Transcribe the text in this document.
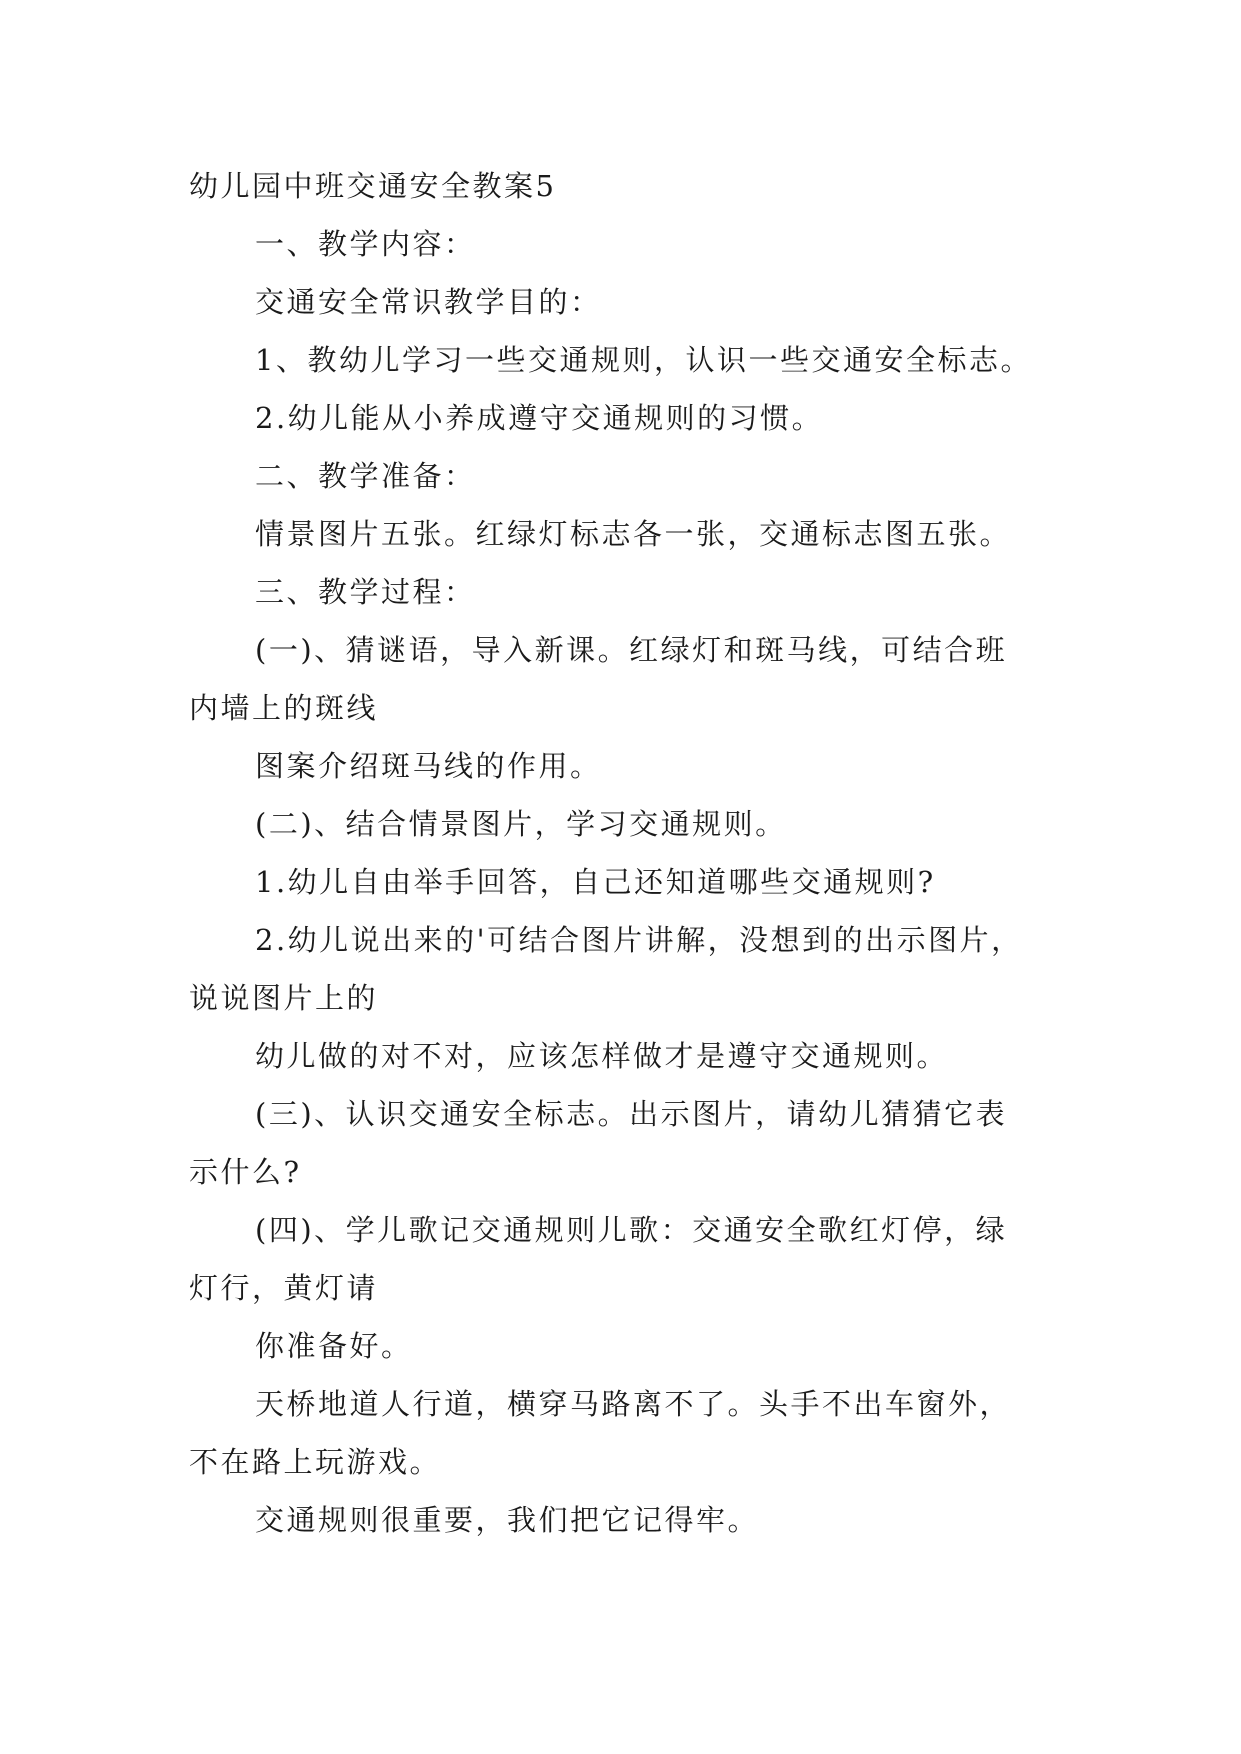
幼儿园中班交通安全教案5
一、教学内容：
交通安全常识教学目的：
1、教幼儿学习一些交通规则，认识一些交通安全标志。
2.幼儿能从小养成遵守交通规则的习惯。
二、教学准备：
情景图片五张。红绿灯标志各一张，交通标志图五张。
三、教学过程：
(一)、猜谜语，导入新课。红绿灯和斑马线，可结合班
内墙上的斑线
图案介绍斑马线的作用。
(二)、结合情景图片，学习交通规则。
1.幼儿自由举手回答，自己还知道哪些交通规则?
2.幼儿说出来的'可结合图片讲解，没想到的出示图片，
说说图片上的
幼儿做的对不对，应该怎样做才是遵守交通规则。
(三)、认识交通安全标志。出示图片，请幼儿猜猜它表
示什么?
(四)、学儿歌记交通规则儿歌：交通安全歌红灯停，绿
灯行，黄灯请
你准备好。
天桥地道人行道，横穿马路离不了。头手不出车窗外，
不在路上玩游戏。
交通规则很重要，我们把它记得牢。
